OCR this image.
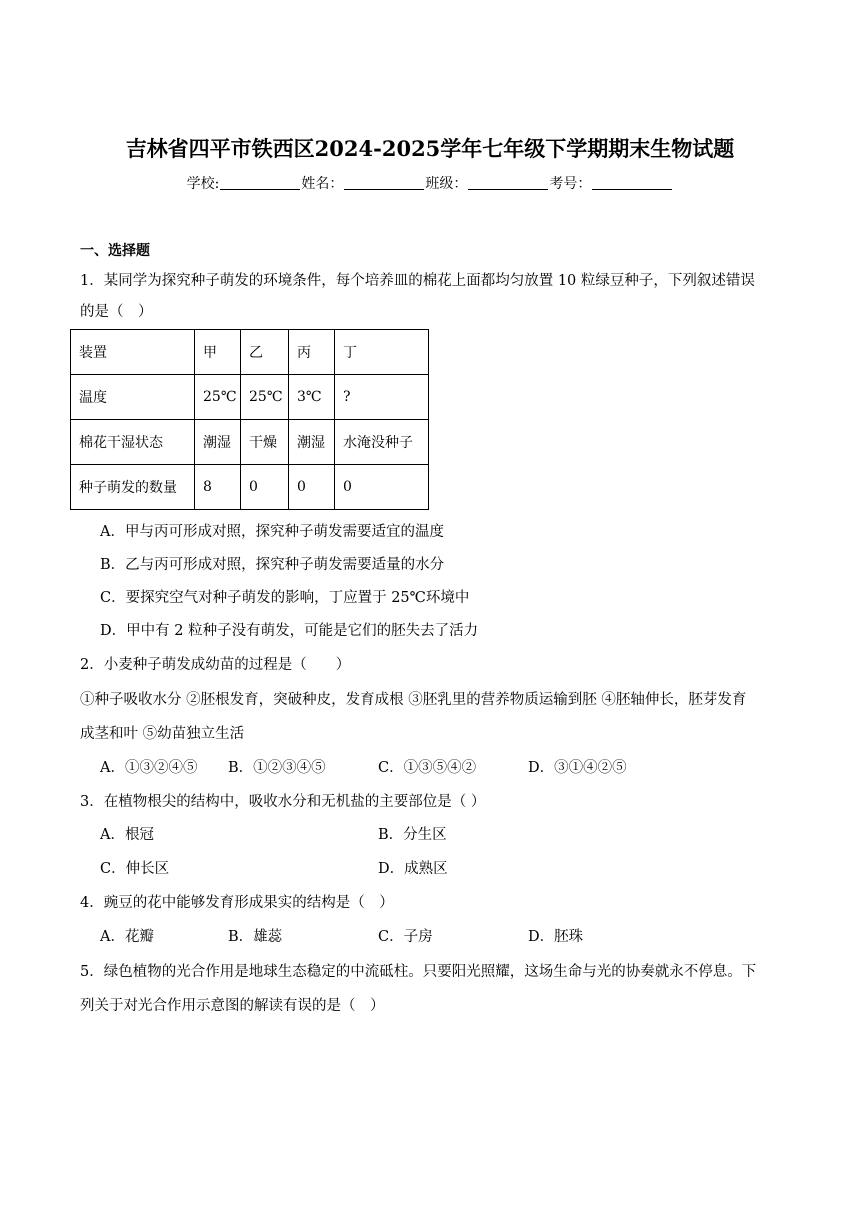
吉林省四平市铁西区2024-2025学年七年级下学期期末生物试题
学校:	姓名：	班级：	考号：
一、选择题
1．某同学为探究种子萌发的环境条件，每个培养皿的棉花上面都均匀放置 10 粒绿豆种子，下列叙述错误
的是（　）
装置	甲	乙	丙	丁
温度	25℃	25℃	3℃	?
棉花干湿状态	潮湿	干燥	潮湿	水淹没种子
种子萌发的数量	8	0	0	0
A．甲与丙可形成对照，探究种子萌发需要适宜的温度
B．乙与丙可形成对照，探究种子萌发需要适量的水分
C．要探究空气对种子萌发的影响，丁应置于 25℃环境中
D．甲中有 2 粒种子没有萌发，可能是它们的胚失去了活力
2．小麦种子萌发成幼苗的过程是（　　）
①种子吸收水分 ②胚根发育，突破种皮，发育成根 ③胚乳里的营养物质运输到胚 ④胚轴伸长，胚芽发育
成茎和叶 ⑤幼苗独立生活
A．①③②④⑤ B．①②③④⑤	C．①③⑤④②	D．③①④②⑤
3．在植物根尖的结构中，吸收水分和无机盐的主要部位是（ ）
A．根冠	B．分生区
C．伸长区	D．成熟区
4．豌豆的花中能够发育形成果实的结构是（　）
A．花瓣	B．雄蕊	C．子房	D．胚珠
5．绿色植物的光合作用是地球生态稳定的中流砥柱。只要阳光照耀，这场生命与光的协奏就永不停息。下
列关于对光合作用示意图的解读有误的是（　）
